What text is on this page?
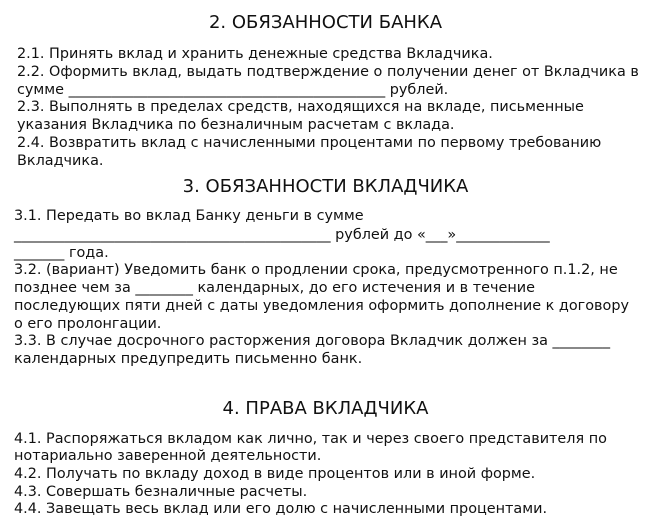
2. ОБЯЗАННОСТИ БАНКА

2.1. Принять вклад и хранить денежные средства Вкладчика.

2.2. Оформить вклад, выдать подтверждение о получении денег от Вкладчика в

сумме ____________________________________________ рублей.

2.3. Выполнять в пределах средств, находящихся на вкладе, письменные

указания Вкладчика по безналичным расчетам с вклада.

2.4. Возвратить вклад с начисленными процентами по первому требованию

Вкладчика.

3. ОБЯЗАННОСТИ ВКЛАДЧИКА

3.1. Передать во вклад Банку деньги в сумме

____________________________________________ рублей до «___»_____________

_______ года.

3.2. (вариант) Уведомить банк о продлении срока, предусмотренного п.1.2, не

позднее чем за ________ календарных, до его истечения и в течение

последующих пяти дней с даты уведомления оформить дополнение к договору

о его пролонгации.

3.3. В случае досрочного расторжения договора Вкладчик должен за ________

календарных предупредить письменно банк.

4. ПРАВА ВКЛАДЧИКА

4.1. Распоряжаться вкладом как лично, так и через своего представителя по

нотариально заверенной деятельности.

4.2. Получать по вкладу доход в виде процентов или в иной форме.

4.3. Совершать безналичные расчеты.

4.4. Завещать весь вклад или его долю с начисленными процентами.
